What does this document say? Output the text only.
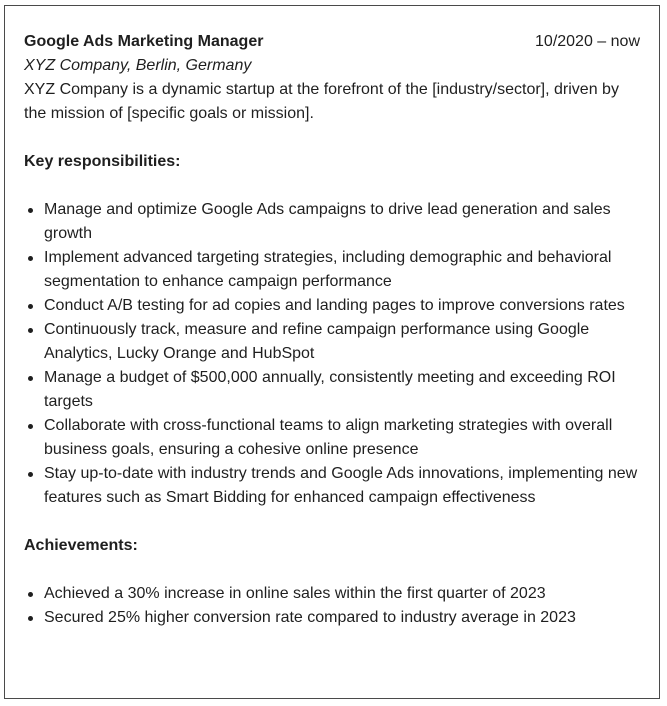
Google Ads Marketing Manager	10/2020 – now
XYZ Company, Berlin, Germany
XYZ Company is a dynamic startup at the forefront of the [industry/sector], driven by the mission of [specific goals or mission].
Key responsibilities:
Manage and optimize Google Ads campaigns to drive lead generation and sales growth
Implement advanced targeting strategies, including demographic and behavioral segmentation to enhance campaign performance
Conduct A/B testing for ad copies and landing pages to improve conversions rates
Continuously track, measure and refine campaign performance using Google Analytics, Lucky Orange and HubSpot
Manage a budget of $500,000 annually, consistently meeting and exceeding ROI targets
Collaborate with cross-functional teams to align marketing strategies with overall business goals, ensuring a cohesive online presence
Stay up-to-date with industry trends and Google Ads innovations, implementing new features such as Smart Bidding for enhanced campaign effectiveness
Achievements:
Achieved a 30% increase in online sales within the first quarter of 2023
Secured 25% higher conversion rate compared to industry average in 2023
